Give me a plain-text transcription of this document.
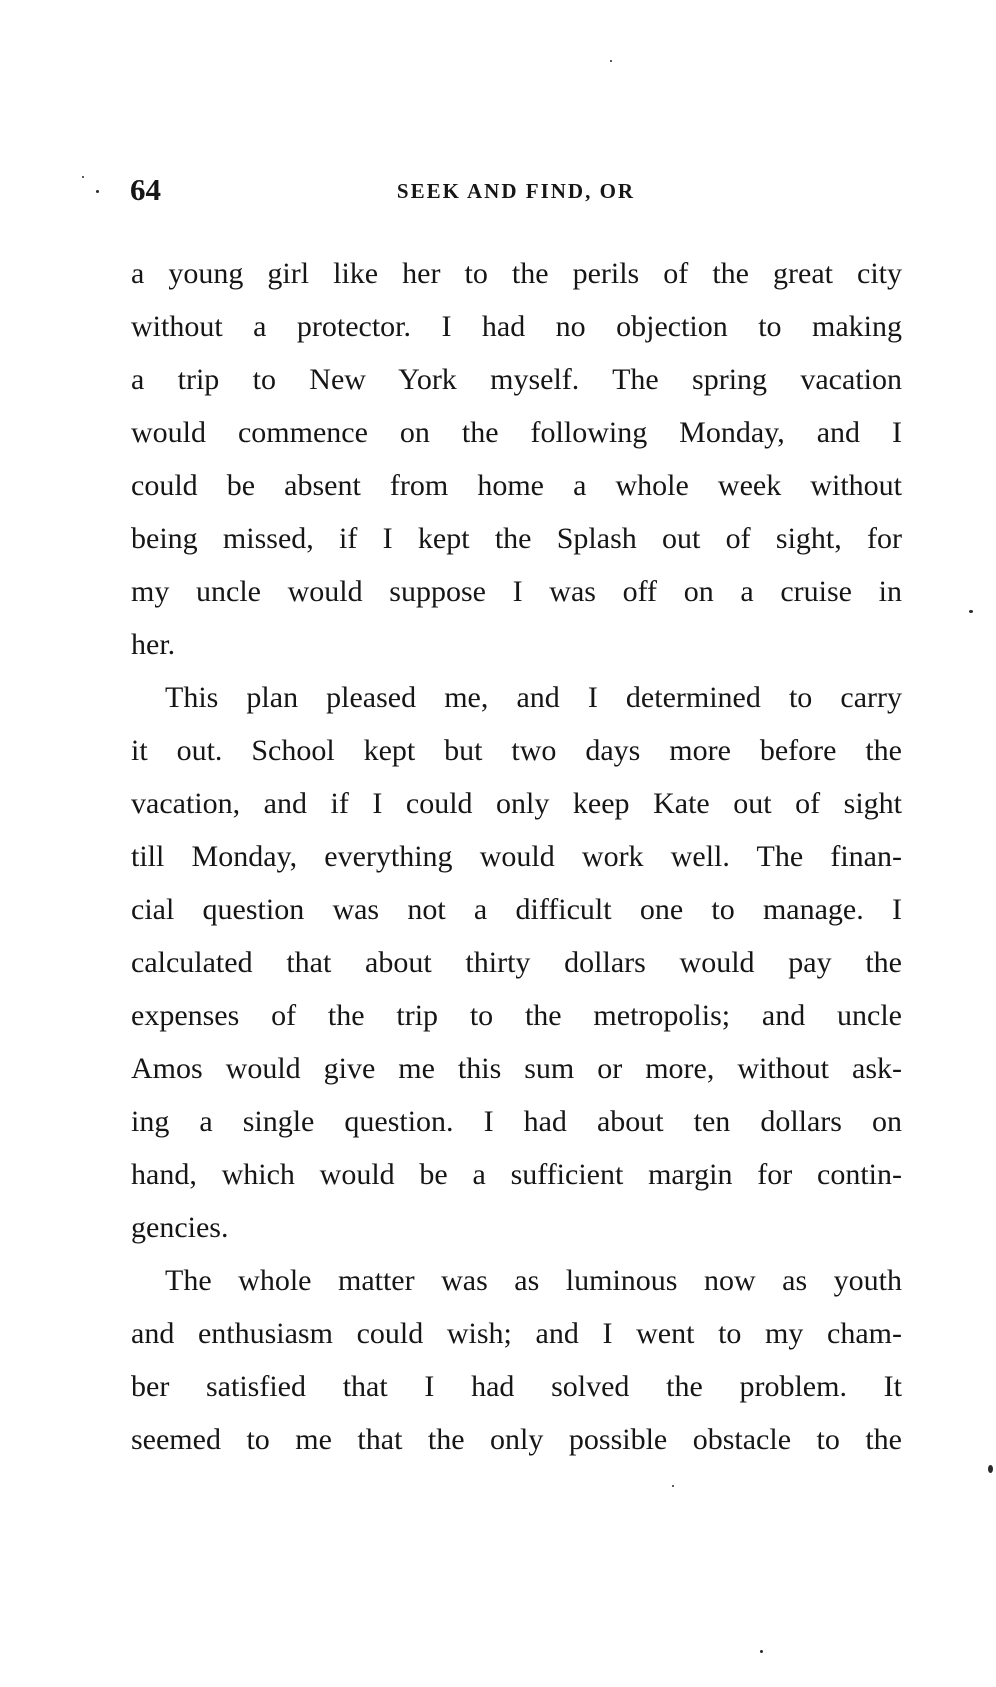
64	SEEK AND FIND, OR
a young girl like her to the perils of the great city
without a protector. I had no objection to making
a trip to New York myself. The spring vacation
would commence on the following Monday, and I
could be absent from home a whole week without
being missed, if I kept the Splash out of sight, for
my uncle would suppose I was off on a cruise in
her.
This plan pleased me, and I determined to carry
it out. School kept but two days more before the
vacation, and if I could only keep Kate out of sight
till Monday, everything would work well. The finan-
cial question was not a difficult one to manage. I
calculated that about thirty dollars would pay the
expenses of the trip to the metropolis; and uncle
Amos would give me this sum or more, without ask-
ing a single question. I had about ten dollars on
hand, which would be a sufficient margin for contin-
gencies.
The whole matter was as luminous now as youth
and enthusiasm could wish; and I went to my cham-
ber satisfied that I had solved the problem. It
seemed to me that the only possible obstacle to the
